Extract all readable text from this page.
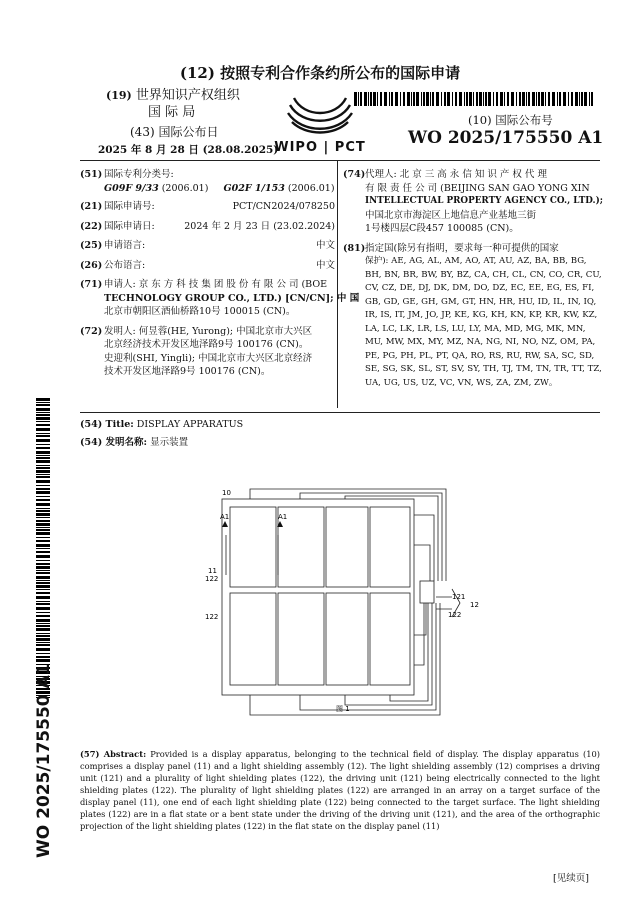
(12) 按照专利合作条约所公布的国际申请
(19) 世界知识产权组织
国 际 局
(43) 国际公布日
2025 年 8 月 28 日 (28.08.2025)
WIPO | PCT
(10) 国际公布号
WO 2025/175550 A1
(51) 国际专利分类号:
G09F 9/33 (2006.01) G02F 1/153 (2006.01)
(21) 国际申请号:	PCT/CN2024/078250
(22) 国际申请日:	2024 年 2 月 23 日 (23.02.2024)
(25) 申请语言:	中文
(26) 公布语言:	中文
(71) 申请人: 京 东 方 科 技 集 团 股 份 有 限 公 司 (BOE
TECHNOLOGY GROUP CO., LTD.) [CN/CN]; 中 国
北京市朝阳区酒仙桥路10号 100015 (CN)。
(72) 发明人: 何昱蓉(HE, Yurong); 中国北京市大兴区
北京经济技术开发区地泽路9号 100176 (CN)。
史迎利(SHI, Yingli); 中国北京市大兴区北京经济
技术开发区地泽路9号 100176 (CN)。
(74) 代理人: 北 京 三 高 永 信 知 识 产 权 代 理
有 限 责 任 公 司 (BEIJING SAN GAO YONG XIN
INTELLECTUAL PROPERTY AGENCY CO., LTD.);
中国北京市海淀区上地信息产业基地三街
1号楼四层C段457 100085 (CN)。
(81) 指定国(除另有指明，要求每一种可提供的国家
保护): AE, AG, AL, AM, AO, AT, AU, AZ, BA, BB, BG,
BH, BN, BR, BW, BY, BZ, CA, CH, CL, CN, CO, CR, CU,
CV, CZ, DE, DJ, DK, DM, DO, DZ, EC, EE, EG, ES, FI,
GB, GD, GE, GH, GM, GT, HN, HR, HU, ID, IL, IN, IQ,
IR, IS, IT, JM, JO, JP, KE, KG, KH, KN, KP, KR, KW, KZ,
LA, LC, LK, LR, LS, LU, LY, MA, MD, MG, MK, MN,
MU, MW, MX, MY, MZ, NA, NG, NI, NO, NZ, OM, PA,
PE, PG, PH, PL, PT, QA, RO, RS, RU, RW, SA, SC, SD,
SE, SG, SK, SL, ST, SV, SY, TH, TJ, TM, TN, TR, TT, TZ,
UA, UG, US, UZ, VC, VN, WS, ZA, ZM, ZW。
(54) Title: DISPLAY APPARATUS
(54) 发明名称: 显示装置
10
A1	A1
11
122
122
121
12
122
图 1
(57) Abstract: Provided is a display apparatus, belonging to the technical field of display. The display apparatus (10) comprises a display panel (11) and a light shielding assembly (12). The light shielding assembly (12) comprises a driving unit (121) and a plurality of light shielding plates (122), the driving unit (121) being electrically connected to the light shielding plates (122). The plurality of light shielding plates (122) are arranged in an array on a target surface of the display panel (11), one end of each light shielding plate (122) being connected to the target surface. The light shielding plates (122) are in a flat state or a bent state under the driving of the driving unit (121), and the area of the orthographic projection of the light shielding plates (122) in the flat state on the display panel (11)
WO 2025/175550 A1
[见续页]
